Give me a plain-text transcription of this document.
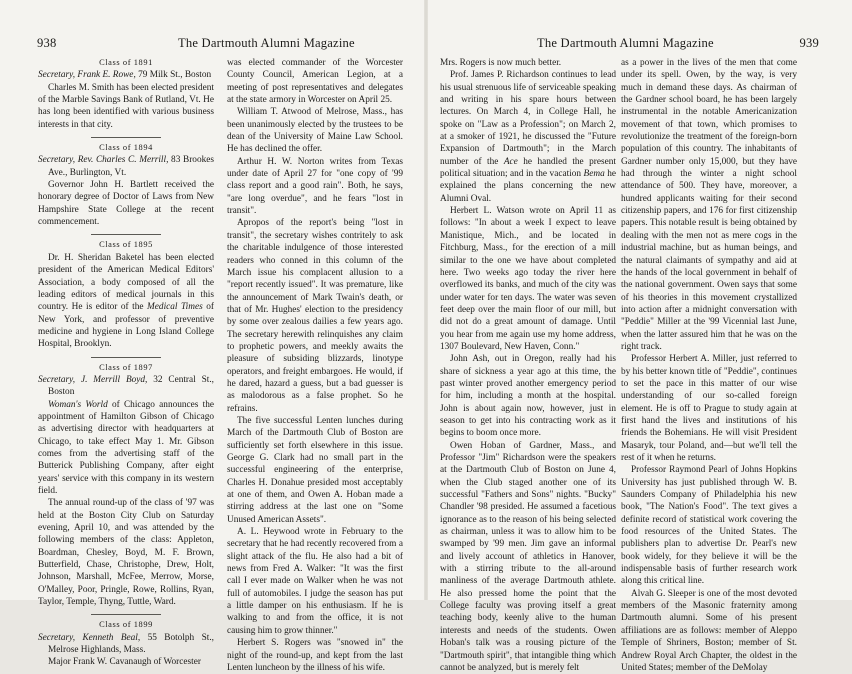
938	The Dartmouth Alumni Magazine
Class of 1891

Secretary, Frank E. Rowe, 79 Milk St., Boston

Charles M. Smith has been elected president of the Marble Savings Bank of Rutland, Vt. He has long been identified with various business interests in that city.

Class of 1894

Secretary, Rev. Charles C. Merrill, 83 Brookes Ave., Burlington, Vt.

Governor John H. Bartlett received the honorary degree of Doctor of Laws from New Hampshire State College at the recent commencement.

Class of 1895

Dr. H. Sheridan Baketel has been elected president of the American Medical Editors' Association, a body composed of all the leading editors of medical journals in this country. He is editor of the Medical Times of New York, and professor of preventive medicine and hygiene in Long Island College Hospital, Brooklyn.

Class of 1897

Secretary, J. Merrill Boyd, 32 Central St., Boston

Woman's World of Chicago announces the appointment of Hamilton Gibson of Chicago as advertising director with headquarters at Chicago, to take effect May 1. Mr. Gibson comes from the advertising staff of the Butterick Publishing Company, after eight years' service with this company in its western field.

The annual round-up of the class of '97 was held at the Boston City Club on Saturday evening, April 10, and was attended by the following members of the class: Appleton, Boardman, Chesley, Boyd, M. F. Brown, Butterfield, Chase, Christophe, Drew, Holt, Johnson, Marshall, McFee, Merrow, Morse, O'Malley, Poor, Pringle, Rowe, Rollins, Ryan, Taylor, Temple, Thyng, Tuttle, Ward.

Class of 1899

Secretary, Kenneth Beal, 55 Botolph St., Melrose Highlands, Mass.

Major Frank W. Cavanaugh of Worcester

was elected commander of the Worcester County Council, American Legion, at a meeting of post representatives and delegates at the state armory in Worcester on April 25.

William T. Atwood of Melrose, Mass., has been unanimously elected by the trustees to be dean of the University of Maine Law School. He has declined the offer.

Arthur H. W. Norton writes from Texas under date of April 27 for "one copy of '99 class report and a good rain". Both, he says, "are long overdue", and he fears "lost in transit".

Apropos of the report's being "lost in transit", the secretary wishes contritely to ask the charitable indulgence of those interested readers who conned in this column of the March issue his complacent allusion to a "report recently issued". It was premature, like the announcement of Mark Twain's death, or that of Mr. Hughes' election to the presidency by some over zealous dailies a few years ago. The secretary herewith relinquishes any claim to prophetic powers, and meekly awaits the pleasure of subsiding blizzards, linotype operators, and freight embargoes. He would, if he dared, hazard a guess, but a bad guesser is as malodorous as a false prophet. So he refrains.

The five successful Lenten lunches during March of the Dartmouth Club of Boston are sufficiently set forth elsewhere in this issue. George G. Clark had no small part in the successful engineering of the enterprise, Charles H. Donahue presided most acceptably at one of them, and Owen A. Hoban made a stirring address at the last one on "Some Unused American Assets".

A. L. Heywood wrote in February to the secretary that he had recently recovered from a slight attack of the flu. He also had a bit of news from Fred A. Walker: "It was the first call I ever made on Walker when he was not full of automobiles. I judge the season has put a little damper on his enthusiasm. If he is walking to and from the office, it is not causing him to grow thinner."

Herbert S. Rogers was "snowed in" the night of the round-up, and kept from the last Lenten luncheon by the illness of his wife.

The Dartmouth Alumni Magazine	939

Mrs. Rogers is now much better.

Prof. James P. Richardson continues to lead his usual strenuous life of serviceable speaking and writing in his spare hours between lectures. On March 4, in College Hall, he spoke on "Law as a Profession"; on March 2, at a smoker of 1921, he discussed the "Future Expansion of Dartmouth"; in the March number of the Ace he handled the present political situation; and in the vacation Bema he explained the plans concerning the new Alumni Oval.

Herbert L. Watson wrote on April 11 as follows: "In about a week I expect to leave Manistique, Mich., and be located in Fitchburg, Mass., for the erection of a mill similar to the one we have about completed here. Two weeks ago today the river here overflowed its banks, and much of the city was under water for ten days. The water was seven feet deep over the main floor of our mill, but did not do a great amount of damage. Until you hear from me again use my home address, 1307 Boulevard, New Haven, Conn."

John Ash, out in Oregon, really had his share of sickness a year ago at this time, the past winter proved another emergency period for him, including a month at the hospital. John is about again now, however, just in season to get into his contracting work as it begins to boom once more.

Owen Hoban of Gardner, Mass., and Professor "Jim" Richardson were the speakers at the Dartmouth Club of Boston on June 4, when the Club staged another one of its successful "Fathers and Sons" nights. "Bucky" Chandler '98 presided. He assumed a facetious ignorance as to the reason of his being selected as chairman, unless it was to allow him to be swamped by '99 men. Jim gave an informal and lively account of athletics in Hanover, with a stirring tribute to the all-around manliness of the average Dartmouth athlete. He also pressed home the point that the College faculty was proving itself a great teaching body, keenly alive to the human interests and needs of the students. Owen Hoban's talk was a rousing picture of the "Dartmouth spirit", that intangible thing which cannot be analyzed, but is merely felt

as a power in the lives of the men that come under its spell. Owen, by the way, is very much in demand these days. As chairman of the Gardner school board, he has been largely instrumental in the notable Americanization movement of that town, which promises to revolutionize the treatment of the foreign-born population of this country. The inhabitants of Gardner number only 15,000, but they have had through the winter a night school attendance of 500. They have, moreover, a hundred applicants waiting for their second citizenship papers, and 176 for first citizenship papers. This notable result is being obtained by dealing with the men not as mere cogs in the industrial machine, but as human beings, and the natural claimants of sympathy and aid at the hands of the local government in behalf of the national government. Owen says that some of his theories in this movement crystallized into action after a midnight conversation with "Peddie" Miller at the '99 Vicennial last June, when the latter assured him that he was on the right track.

Professor Herbert A. Miller, just referred to by his better known title of "Peddie", continues to set the pace in this matter of our wise understanding of our so-called foreign element. He is off to Prague to study again at first hand the lives and institutions of his friends the Bohemians. He will visit President Masaryk, tour Poland, and—but we'll tell the rest of it when he returns.

Professor Raymond Pearl of Johns Hopkins University has just published through W. B. Saunders Company of Philadelphia his new book, "The Nation's Food". The text gives a definite record of statistical work covering the food resources of the United States. The publishers plan to advertise Dr. Pearl's new book widely, for they believe it will be the indispensable basis of further research work along this critical line.

Alvah G. Sleeper is one of the most devoted members of the Masonic fraternity among Dartmouth alumni. Some of his present affiliations are as follows: member of Aleppo Temple of Shriners, Boston; member of St. Andrew Royal Arch Chapter, the oldest in the United States; member of the DeMolay
